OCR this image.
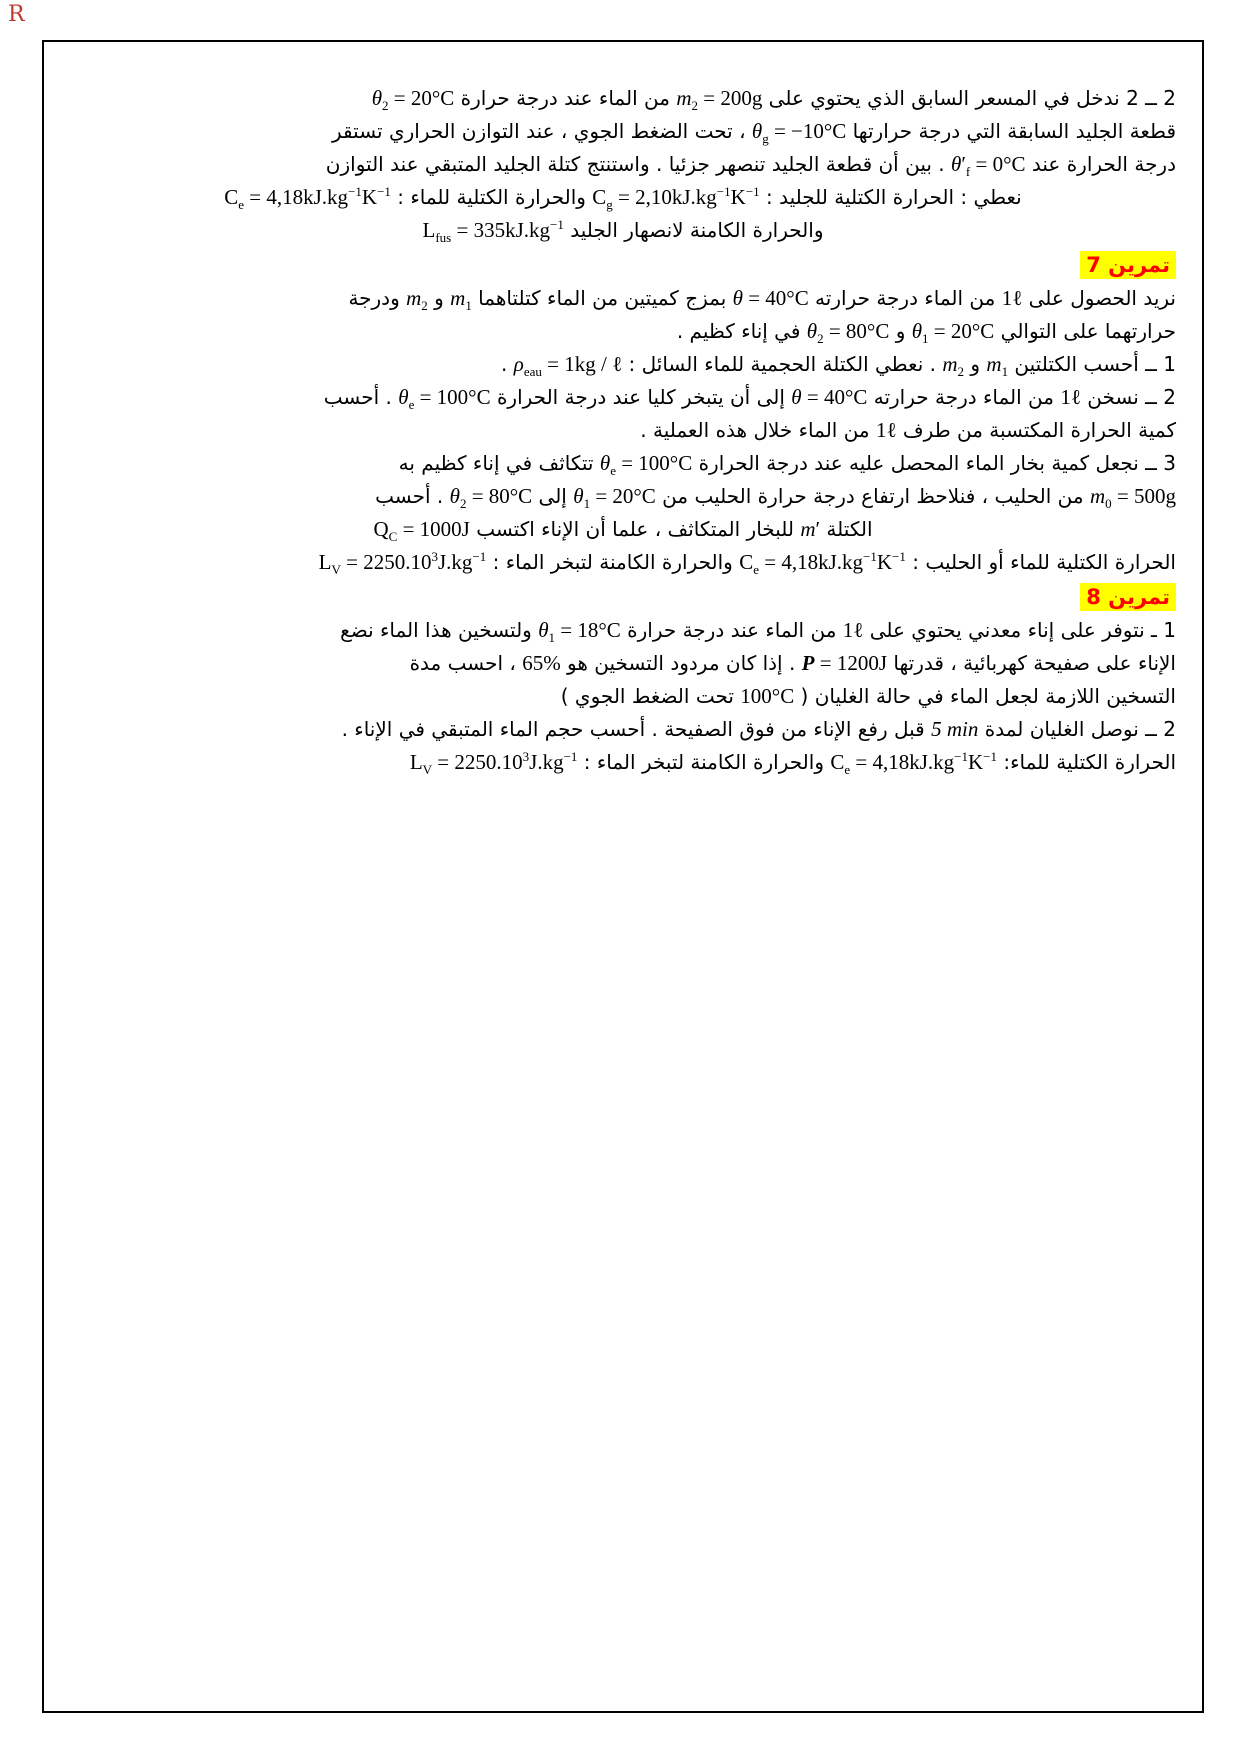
R
2 ــ 2 ندخل في المسعر السابق الذي يحتوي على $m_2 = 200g$ من الماء عند درجة حرارة $\theta_2 = 20^\circ C$
قطعة الجليد السابقة التي درجة حرارتها $\theta_g = -10^\circ C$ ، تحت الضغط الجوي ، عند التوازن الحراري تستقر
درجة الحرارة عند $\theta'_f = 0^\circ C$ . بين أن قطعة الجليد تنصهر جزئيا . واستنتج كتلة الجليد المتبقي عند التوازن
نعطي : الحرارة الكتلية للجليد : $C_g = 2,10kJ.kg^{-1}K^{-1}$ والحرارة الكتلية للماء : $C_e = 4,18kJ.kg^{-1}K^{-1}$
والحرارة الكامنة لانصهار الجليد $L_{fus} = 335kJ.kg^{-1}$
تمرين 7
نريد الحصول على 1ℓ من الماء درجة حرارته θ = 40°C بمزج كميتين من الماء كتلتاهما $m_1$ و $m_2$ ودرجة
حرارتهما على التوالي $\theta_1 = 20^\circ C$ و $\theta_2 = 80^\circ C$ في إناء كظيم .
1 ــ أحسب الكتلتين $m_1$ و $m_2$ . نعطي الكتلة الحجمية للماء السائل : $\rho_{eau} = 1kg$ / ℓ .
2 ــ نسخن 1ℓ من الماء درجة حرارته θ = 40°C إلى أن يتبخر كليا عند درجة الحرارة $\theta_e = 100^\circ C$ . أحسب
كمية الحرارة المكتسبة من طرف 1ℓ من الماء خلال هذه العملية .
3 ــ نجعل كمية بخار الماء المحصل عليه عند درجة الحرارة $\theta_e = 100^\circ C$ تتكاثف في إناء كظيم به
$m_0 = 500g$ من الحليب ، فنلاحظ ارتفاع درجة حرارة الحليب من $\theta_1 = 20^\circ C$ إلى $\theta_2 = 80^\circ C$ . أحسب
الكتلة m′ للبخار المتكاثف ، علما أن الإناء اكتسب $Q_C = 1000J$
الحرارة الكتلية للماء أو الحليب : $C_e = 4,18kJ.kg^{-1}K^{-1}$ والحرارة الكامنة لتبخر الماء : $L_V = 2250.10^3J.kg^{-1}$
تمرين 8
1 ـ نتوفر على إناء معدني يحتوي على 1ℓ من الماء عند درجة حرارة $\theta_1 = 18^\circ C$ ولتسخين هذا الماء نضع
الإناء على صفيحة كهربائية ، قدرتها P = 1200J . إذا كان مردود التسخين هو 65% ، احسب مدة
التسخين اللازمة لجعل الماء في حالة الغليان ( 100°C تحت الضغط الجوي )
2 ــ نوصل الغليان لمدة 5 min قبل رفع الإناء من فوق الصفيحة . أحسب حجم الماء المتبقي في الإناء .
الحرارة الكتلية للماء: $C_e = 4,18kJ.kg^{-1}K^{-1}$ والحرارة الكامنة لتبخر الماء : $L_V = 2250.10^3J.kg^{-1}$
